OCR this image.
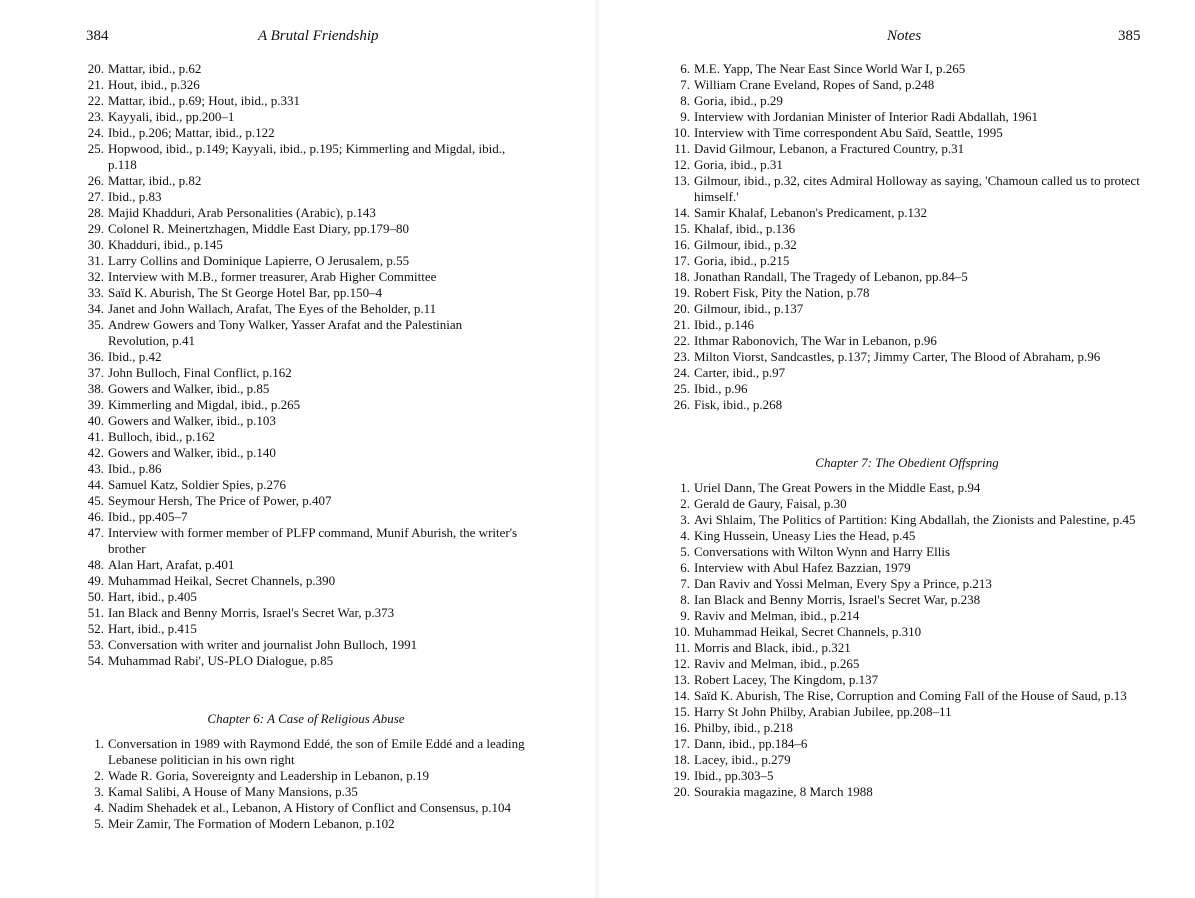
384	A Brutal Friendship
20. Mattar, ibid., p.62
21. Hout, ibid., p.326
22. Mattar, ibid., p.69; Hout, ibid., p.331
23. Kayyali, ibid., pp.200–1
24. Ibid., p.206; Mattar, ibid., p.122
25. Hopwood, ibid., p.149; Kayyali, ibid., p.195; Kimmerling and Migdal, ibid., p.118
26. Mattar, ibid., p.82
27. Ibid., p.83
28. Majid Khadduri, Arab Personalities (Arabic), p.143
29. Colonel R. Meinertzhagen, Middle East Diary, pp.179–80
30. Khadduri, ibid., p.145
31. Larry Collins and Dominique Lapierre, O Jerusalem, p.55
32. Interview with M.B., former treasurer, Arab Higher Committee
33. Saïd K. Aburish, The St George Hotel Bar, pp.150–4
34. Janet and John Wallach, Arafat, The Eyes of the Beholder, p.11
35. Andrew Gowers and Tony Walker, Yasser Arafat and the Palestinian Revolution, p.41
36. Ibid., p.42
37. John Bulloch, Final Conflict, p.162
38. Gowers and Walker, ibid., p.85
39. Kimmerling and Migdal, ibid., p.265
40. Gowers and Walker, ibid., p.103
41. Bulloch, ibid., p.162
42. Gowers and Walker, ibid., p.140
43. Ibid., p.86
44. Samuel Katz, Soldier Spies, p.276
45. Seymour Hersh, The Price of Power, p.407
46. Ibid., pp.405–7
47. Interview with former member of PLFP command, Munif Aburish, the writer's brother
48. Alan Hart, Arafat, p.401
49. Muhammad Heikal, Secret Channels, p.390
50. Hart, ibid., p.405
51. Ian Black and Benny Morris, Israel's Secret War, p.373
52. Hart, ibid., p.415
53. Conversation with writer and journalist John Bulloch, 1991
54. Muhammad Rabi', US-PLO Dialogue, p.85
Chapter 6: A Case of Religious Abuse
1. Conversation in 1989 with Raymond Eddé, the son of Emile Eddé and a leading Lebanese politician in his own right
2. Wade R. Goria, Sovereignty and Leadership in Lebanon, p.19
3. Kamal Salibi, A House of Many Mansions, p.35
4. Nadim Shehadek et al., Lebanon, A History of Conflict and Consensus, p.104
5. Meir Zamir, The Formation of Modern Lebanon, p.102
Notes	385
6. M.E. Yapp, The Near East Since World War I, p.265
7. William Crane Eveland, Ropes of Sand, p.248
8. Goria, ibid., p.29
9. Interview with Jordanian Minister of Interior Radi Abdallah, 1961
10. Interview with Time correspondent Abu Saïd, Seattle, 1995
11. David Gilmour, Lebanon, a Fractured Country, p.31
12. Goria, ibid., p.31
13. Gilmour, ibid., p.32, cites Admiral Holloway as saying, 'Chamoun called us to protect himself.'
14. Samir Khalaf, Lebanon's Predicament, p.132
15. Khalaf, ibid., p.136
16. Gilmour, ibid., p.32
17. Goria, ibid., p.215
18. Jonathan Randall, The Tragedy of Lebanon, pp.84–5
19. Robert Fisk, Pity the Nation, p.78
20. Gilmour, ibid., p.137
21. Ibid., p.146
22. Ithmar Rabonovich, The War in Lebanon, p.96
23. Milton Viorst, Sandcastles, p.137; Jimmy Carter, The Blood of Abraham, p.96
24. Carter, ibid., p.97
25. Ibid., p.96
26. Fisk, ibid., p.268
Chapter 7: The Obedient Offspring
1. Uriel Dann, The Great Powers in the Middle East, p.94
2. Gerald de Gaury, Faisal, p.30
3. Avi Shlaim, The Politics of Partition: King Abdallah, the Zionists and Palestine, p.45
4. King Hussein, Uneasy Lies the Head, p.45
5. Conversations with Wilton Wynn and Harry Ellis
6. Interview with Abul Hafez Bazzian, 1979
7. Dan Raviv and Yossi Melman, Every Spy a Prince, p.213
8. Ian Black and Benny Morris, Israel's Secret War, p.238
9. Raviv and Melman, ibid., p.214
10. Muhammad Heikal, Secret Channels, p.310
11. Morris and Black, ibid., p.321
12. Raviv and Melman, ibid., p.265
13. Robert Lacey, The Kingdom, p.137
14. Saïd K. Aburish, The Rise, Corruption and Coming Fall of the House of Saud, p.13
15. Harry St John Philby, Arabian Jubilee, pp.208–11
16. Philby, ibid., p.218
17. Dann, ibid., pp.184–6
18. Lacey, ibid., p.279
19. Ibid., pp.303–5
20. Sourakia magazine, 8 March 1988
